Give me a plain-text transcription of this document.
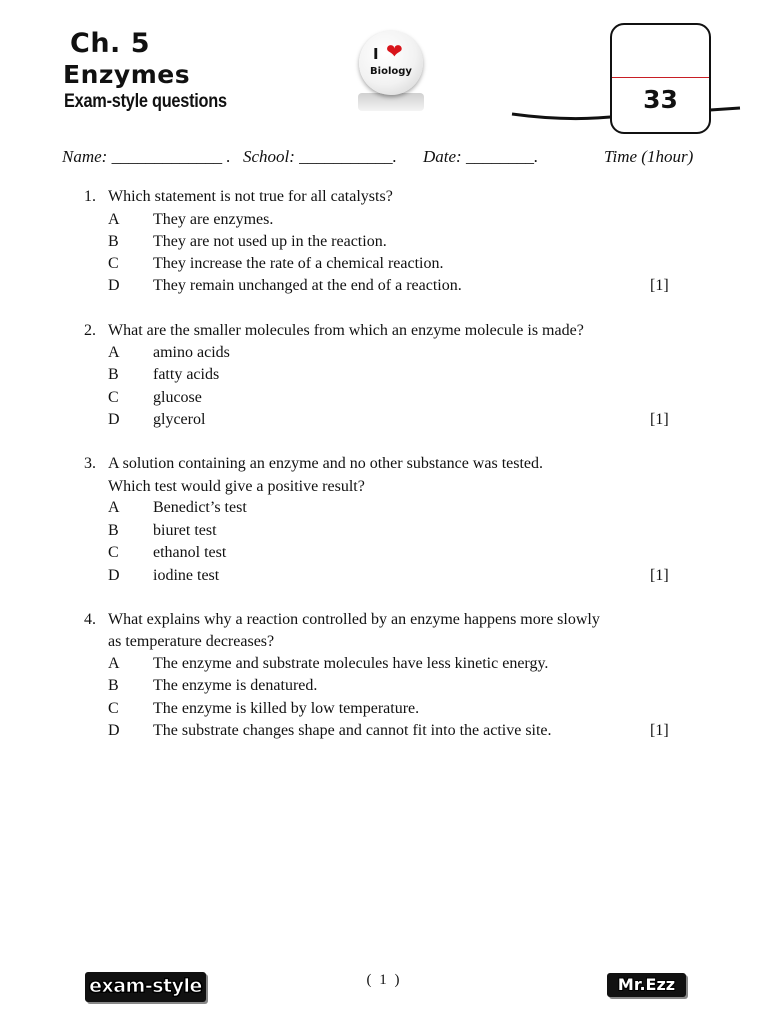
Ch. 5
Enzymes
Exam-style questions
I ❤
Biology
33
Name: _____________ . School: ___________. Date: ________.	Time (1hour)
1. Which statement is not true for all catalysts?
A They are enzymes.
B They are not used up in the reaction.
C They increase the rate of a chemical reaction.
D They remain unchanged at the end of a reaction.	[1]
2. What are the smaller molecules from which an enzyme molecule is made?
A amino acids
B fatty acids
C glucose
D glycerol	[1]
3. A solution containing an enzyme and no other substance was tested.
Which test would give a positive result?
A Benedict’s test
B biuret test
C ethanol test
D iodine test	[1]
4. What explains why a reaction controlled by an enzyme happens more slowly
as temperature decreases?
A The enzyme and substrate molecules have less kinetic energy.
B The enzyme is denatured.
C The enzyme is killed by low temperature.
D The substrate changes shape and cannot fit into the active site.	[1]
exam-style	( 1 )	Mr.Ezz
